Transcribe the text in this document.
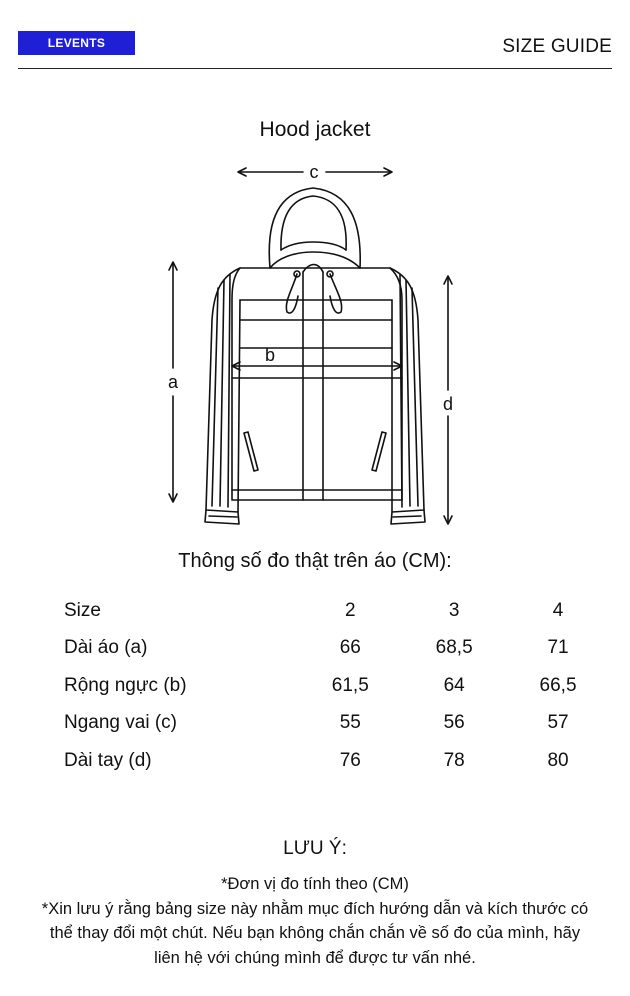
LEVENTS	SIZE GUIDE
Hood jacket
c
a
d
b
Thông số đo thật trên áo (CM):
Size	2	3	4
Dài áo (a)	66	68,5	71
Rộng ngực (b)	61,5	64	66,5
Ngang vai (c)	55	56	57
Dài tay (d)	76	78	80
LƯU Ý:
*Đơn vị đo tính theo (CM)
*Xin lưu ý rằng bảng size này nhằm mục đích hướng dẫn và kích thước có thể thay đổi một chút. Nếu bạn không chắn chắn về số đo của mình, hãy liên hệ với chúng mình để được tư vấn nhé.
